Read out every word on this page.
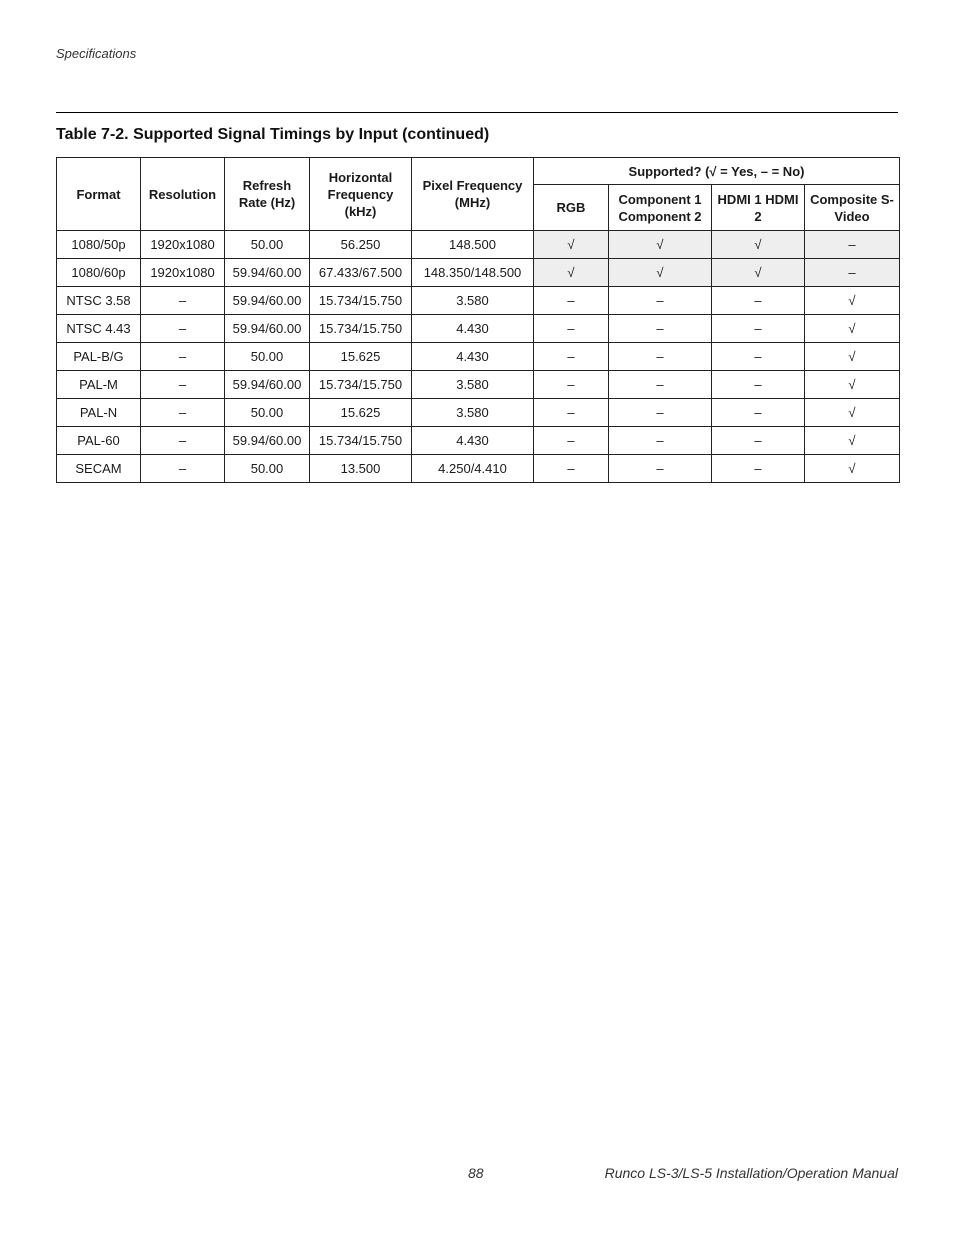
Specifications
Table 7-2. Supported Signal Timings by Input (continued)
Format	Resolution	Refresh Rate (Hz)	Horizontal Frequency (kHz)	Pixel Frequency (MHz)	Supported? (√ = Yes, – = No)			
					RGB	Component 1 Component 2	HDMI 1 HDMI 2	Composite S-Video
1080/50p	1920x1080	50.00	56.250	148.500	√	√	√	–
1080/60p	1920x1080	59.94/60.00	67.433/67.500	148.350/148.500	√	√	√	–
NTSC 3.58	–	59.94/60.00	15.734/15.750	3.580	–	–	–	√
NTSC 4.43	–	59.94/60.00	15.734/15.750	4.430	–	–	–	√
PAL-B/G	–	50.00	15.625	4.430	–	–	–	√
PAL-M	–	59.94/60.00	15.734/15.750	3.580	–	–	–	√
PAL-N	–	50.00	15.625	3.580	–	–	–	√
PAL-60	–	59.94/60.00	15.734/15.750	4.430	–	–	–	√
SECAM	–	50.00	13.500	4.250/4.410	–	–	–	√
88	Runco LS-3/LS-5 Installation/Operation Manual
